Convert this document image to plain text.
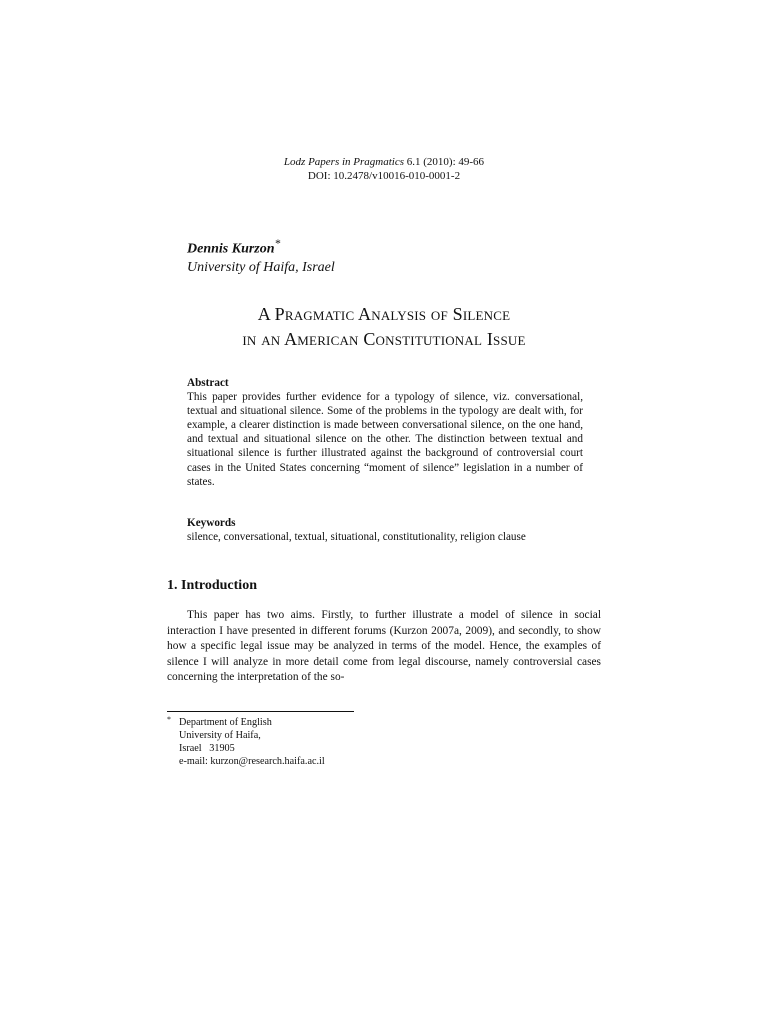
Lodz Papers in Pragmatics 6.1 (2010): 49-66
DOI: 10.2478/v10016-010-0001-2
Dennis Kurzon*
University of Haifa, Israel
A Pragmatic Analysis of Silence
in an American Constitutional Issue
Abstract
This paper provides further evidence for a typology of silence, viz. conversational, textual and situational silence. Some of the problems in the typology are dealt with, for example, a clearer distinction is made between conversational silence, on the one hand, and textual and situational silence on the other. The distinction between textual and situational silence is further illustrated against the background of controversial court cases in the United States concerning “moment of silence” legislation in a number of states.
Keywords
silence, conversational, textual, situational, constitutionality, religion clause
1. Introduction

This paper has two aims. Firstly, to further illustrate a model of silence in social interaction I have presented in different forums (Kurzon 2007a, 2009), and secondly, to show how a specific legal issue may be analyzed in terms of the model. Hence, the examples of silence I will analyze in more detail come from legal discourse, namely controversial cases concerning the interpretation of the so-

* Department of English
University of Haifa,
Israel   31905
e-mail: kurzon@research.haifa.ac.il
